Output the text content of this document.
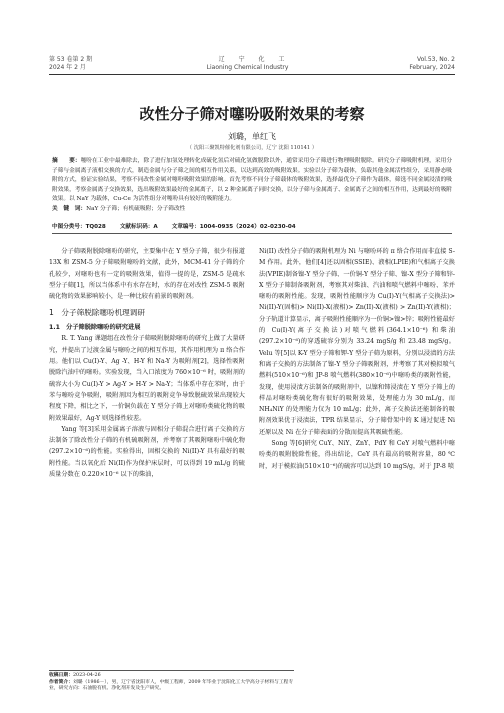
第 53 卷第 2 期	辽 宁 化 工	Vol.53, No. 2
2024 年 2 月	Liaoning Chemical Industry	February, 2024
改性分子筛对噻吩吸附效果的考察
刘璐，单红飞
（ 沈阳三聚凯特催化剂有限公司，辽宁 沈阳 110141 ）
摘　　要：噻吩在工业中最难除去，除了进行加氢处理转化成硫化氢后对硫化氢做脱除以外，通常采用分子筛进行物理吸附脱除。研究分子筛吸附机理，采用分子筛与金属离子液相交换的方式，制造金属与分子筛之间的相互作用关系，以达到高效的吸附效果。实验以分子筛为载体，负载其他金属活性组分，采用静态吸附的方式，验证实验结果，考察不同改性金属对噻吩吸附效果的影响。首先考察不同分子筛载体的吸附效果，选择最优分子筛作为载体，筛选不同金属浸渍的吸附效果，考察金属离子交换效果，选出吸附效果最好的金属离子，以 2 种金属离子同时交换，以分子筛与金属离子、金属离子之间的相互作用，达到最好的吸附效果。以 NaY 为载体，Cu-Ce 为活性组分对噻吩具有较好的吸附能力。
关　键　词：NaY 分子筛；有机硫吸附；分子筛改性
中图分类号：TQ028	文献标识码：A	文章编号：1004-0935（2024）02-0230-04

分子筛吸附脱除噻吩的研究，主要集中在 Y 型分子筛，很少有报道 13X 和 ZSM-5 分子筛吸附噻吩的文献，此外，MCM-41 分子筛的介孔较少，对噻吩也有一定的吸附效果，值得一提的是，ZSM-5 是疏水型分子筛[1]，所以当体系中有水存在时，水的存在对改性 ZSM-5 吸附硫化物的效果影响较小，是一种比较有前景的吸附剂。

1　分子筛脱除噻吩机理调研
1.1　分子筛脱除噻吩的研究进展

R. T. Yang 课题组在改性分子筛吸附脱除噻吩的研究上做了大量研究，并提出了过渡金属与噻吩之间的相互作用，其作用机理为 π 络合作用。他们以 Cu(I)-Y、Ag -Y、H-Y 和 Na-Y 为吸附剂[2]，选择性吸附脱除汽油中的噻吩。实验发现，当入口浓度为 760×10⁻⁶ 时，吸附剂的硫容大小为 Cu(I)-Y > Ag-Y > H-Y > Na-Y；当体系中存在苯时，由于苯与噻吩竞争吸附，吸附剂因为相互的吸附竞争导致脱硫效果出现较大程度下降，相比之下，一价铜负载在 Y 型分子筛上对噻吩类硫化物的吸附效果最好，Ag-Y 则选择性较差。

Yang 等[3]采用金属离子溶液与固相分子筛混合进行离子交换的方法制备了除改性分子筛的有机硫吸附剂，并考察了其吸附噻吩中硫化物(297.2×10⁻⁶)的性能。实验得出，固相交换的 Ni(II)-Y 具有最好的吸附性能。当以氧化后 Ni(II)作为保护床层时，可以得到 19 mL/g 的硫质量分数在 0.220×10⁻⁶ 以下的柴油，

Ni(II) 改性分子筛的吸附机理为 Ni 与噻吩环的 π 络合作用而非直接 S-M 作用。此外，他们[4]还以固相(SSIE)、液相(LPIE)和气相离子交换法(VPIE)制备镍-Y 型分子筛、一价铜-Y 型分子筛、镍-X 型分子筛和锌-X 型分子筛制备吸附剂，考察其对柴油、汽油和喷气燃料中噻吩、苯并噻吩的吸附性能。发现，吸附性能顺序为 Cu(I)-Y(气相离子交换法)> Ni(II)-Y(固相)> Ni(II)-X(液相)> Zn(II)-X(液相) > Zn(II)-Y(液相)；分子轨道计算显示，离子吸附性能顺序为一价铜>镍>锌；吸附性能最好的 Cu(I)-Y(离子交换法)对喷气燃料(364.1×10⁻⁶) 和柴油(297.2×10⁻⁶)的穿透硫容分别为 33.24 mgS/g 和 23.48 mgS/g。Velu 等[5]以 K-Y 型分子筛和钾-Y 型分子筛为原料，分别以浸渍的方法和离子交换的方法制备了镍-Y 型分子筛吸附剂，并考察了其对模拟喷气燃料(510×10⁻⁶)和 JP-8 喷气燃料(380×10⁻⁶)中噻吩类的吸附性能，发现，使用浸渍方法制备的吸附剂中，以镍和铈浸渍在 Y 型分子筛上的样品对噻吩类硫化物有很好的吸附效果，处理能力为 30 mL/g，而 NH₄NiY 的处理能力仅为 10 mL/g；此外，离子交换法还能制备的吸附剂效果优于浸渍法，TPR 结果显示，分子筛骨架中的 K 通过促进 Ni 还原以及 Ni 在分子筛表面的分散而提高其吸硫性能。

Song 等[6]研究 CuY、NiY、ZnY、PdY 和 CeY 对喷气燃料中噻吩类的吸附脱除性能，得出结论，CeY 具有最高的吸附容量，80 ℃时，对于模拟油(510×10⁻⁶)的硫容可以达到 10 mgS/g，对于 JP-8 喷

收稿日期：2023-04-26
作者简介：刘璐（1986－），男，辽宁省沈阳市人，中级工程师，2009 年毕业于沈阳化工大学高分子材料与工程专业，研究方向：石油脱有机、净化剂开发及生产研究。
